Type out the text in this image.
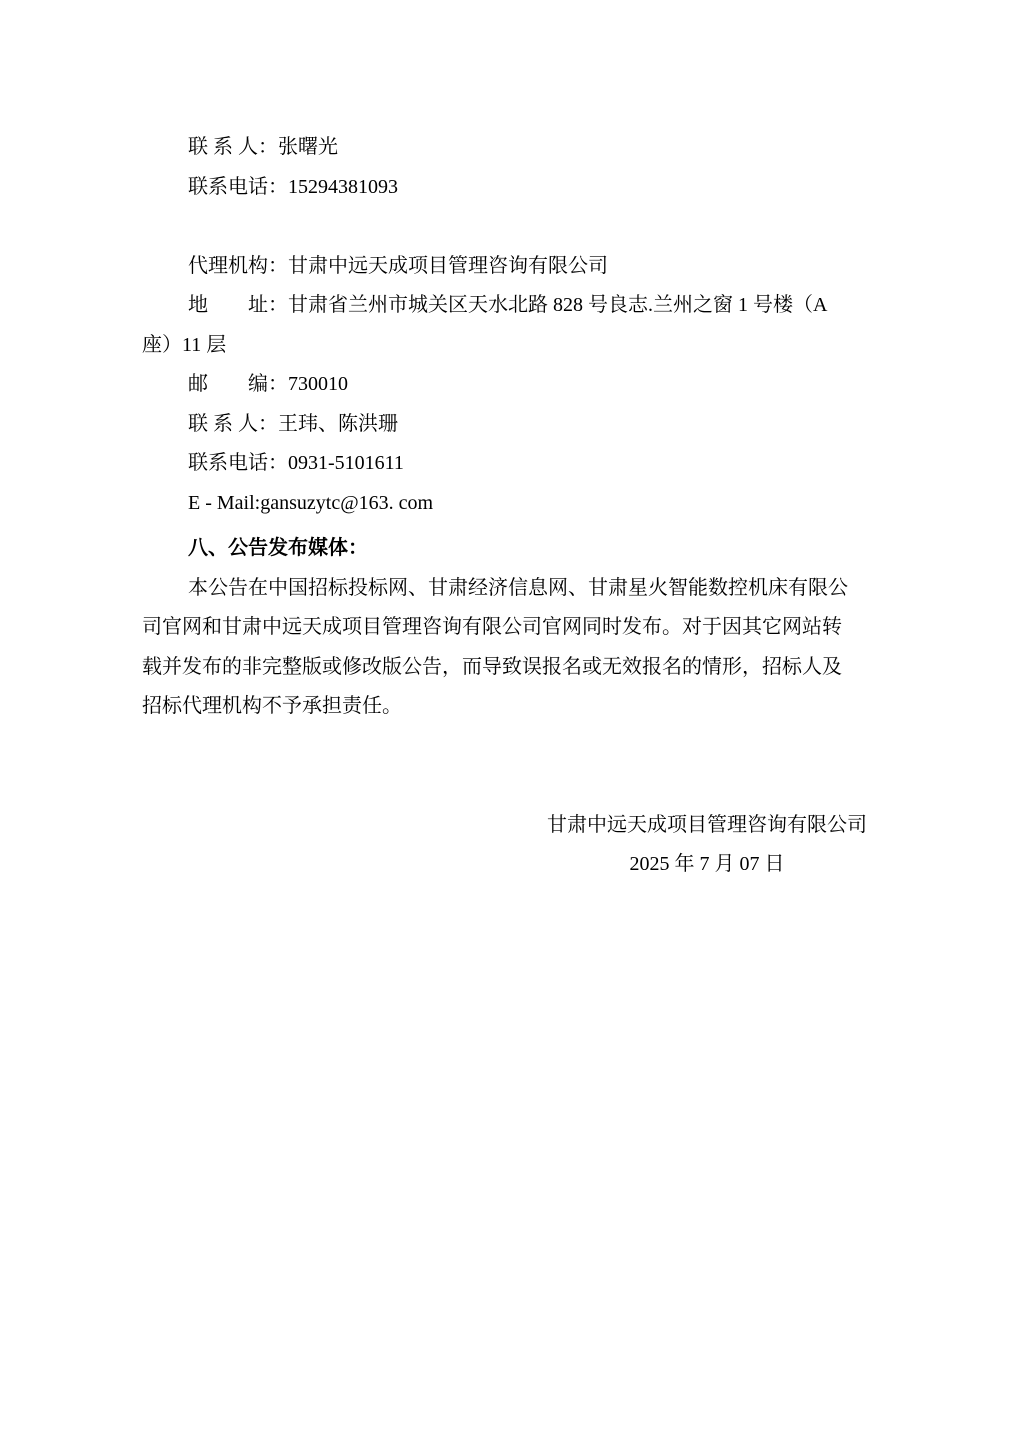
联 系 人：张曙光
联系电话：15294381093
代理机构：甘肃中远天成项目管理咨询有限公司
地　　址：甘肃省兰州市城关区天水北路 828 号良志.兰州之窗 1 号楼（A
座）11 层
邮　　编：730010
联 系 人：王玮、陈洪珊
联系电话：0931-5101611
E - Mail:gansuzytc@163. com
八、公告发布媒体：
本公告在中国招标投标网、甘肃经济信息网、甘肃星火智能数控机床有限公
司官网和甘肃中远天成项目管理咨询有限公司官网同时发布。对于因其它网站转
载并发布的非完整版或修改版公告，而导致误报名或无效报名的情形，招标人及
招标代理机构不予承担责任。
甘肃中远天成项目管理咨询有限公司
2025 年 7 月 07 日
